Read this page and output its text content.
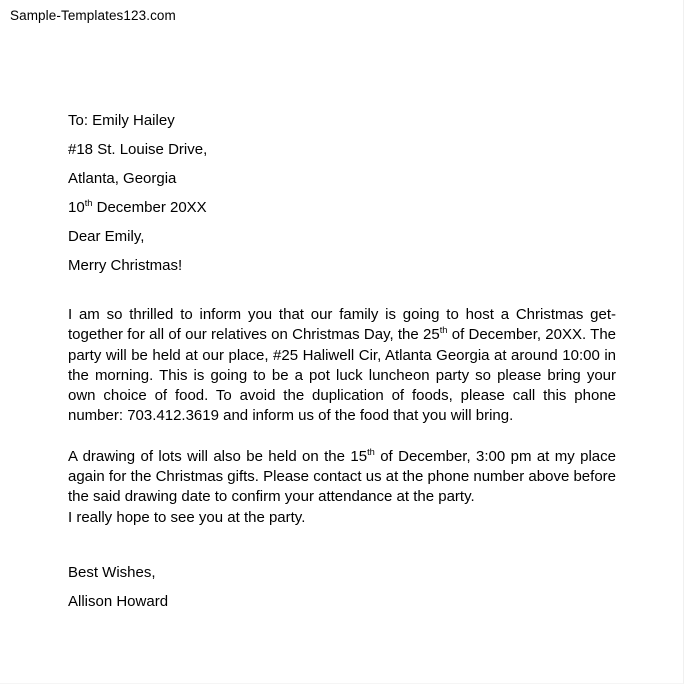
Sample-Templates123.com
To: Emily Hailey
#18 St. Louise Drive,
Atlanta, Georgia
10th December 20XX
Dear Emily,
Merry Christmas!
I am so thrilled to inform you that our family is going to host a Christmas get-together for all of our relatives on Christmas Day, the 25th of December, 20XX. The party will be held at our place, #25 Haliwell Cir, Atlanta Georgia at around 10:00 in the morning. This is going to be a pot luck luncheon party so please bring your own choice of food. To avoid the duplication of foods, please call this phone number: 703.412.3619 and inform us of the food that you will bring.
A drawing of lots will also be held on the 15th of December, 3:00 pm at my place again for the Christmas gifts. Please contact us at the phone number above before the said drawing date to confirm your attendance at the party.
I really hope to see you at the party.
Best Wishes,
Allison Howard
